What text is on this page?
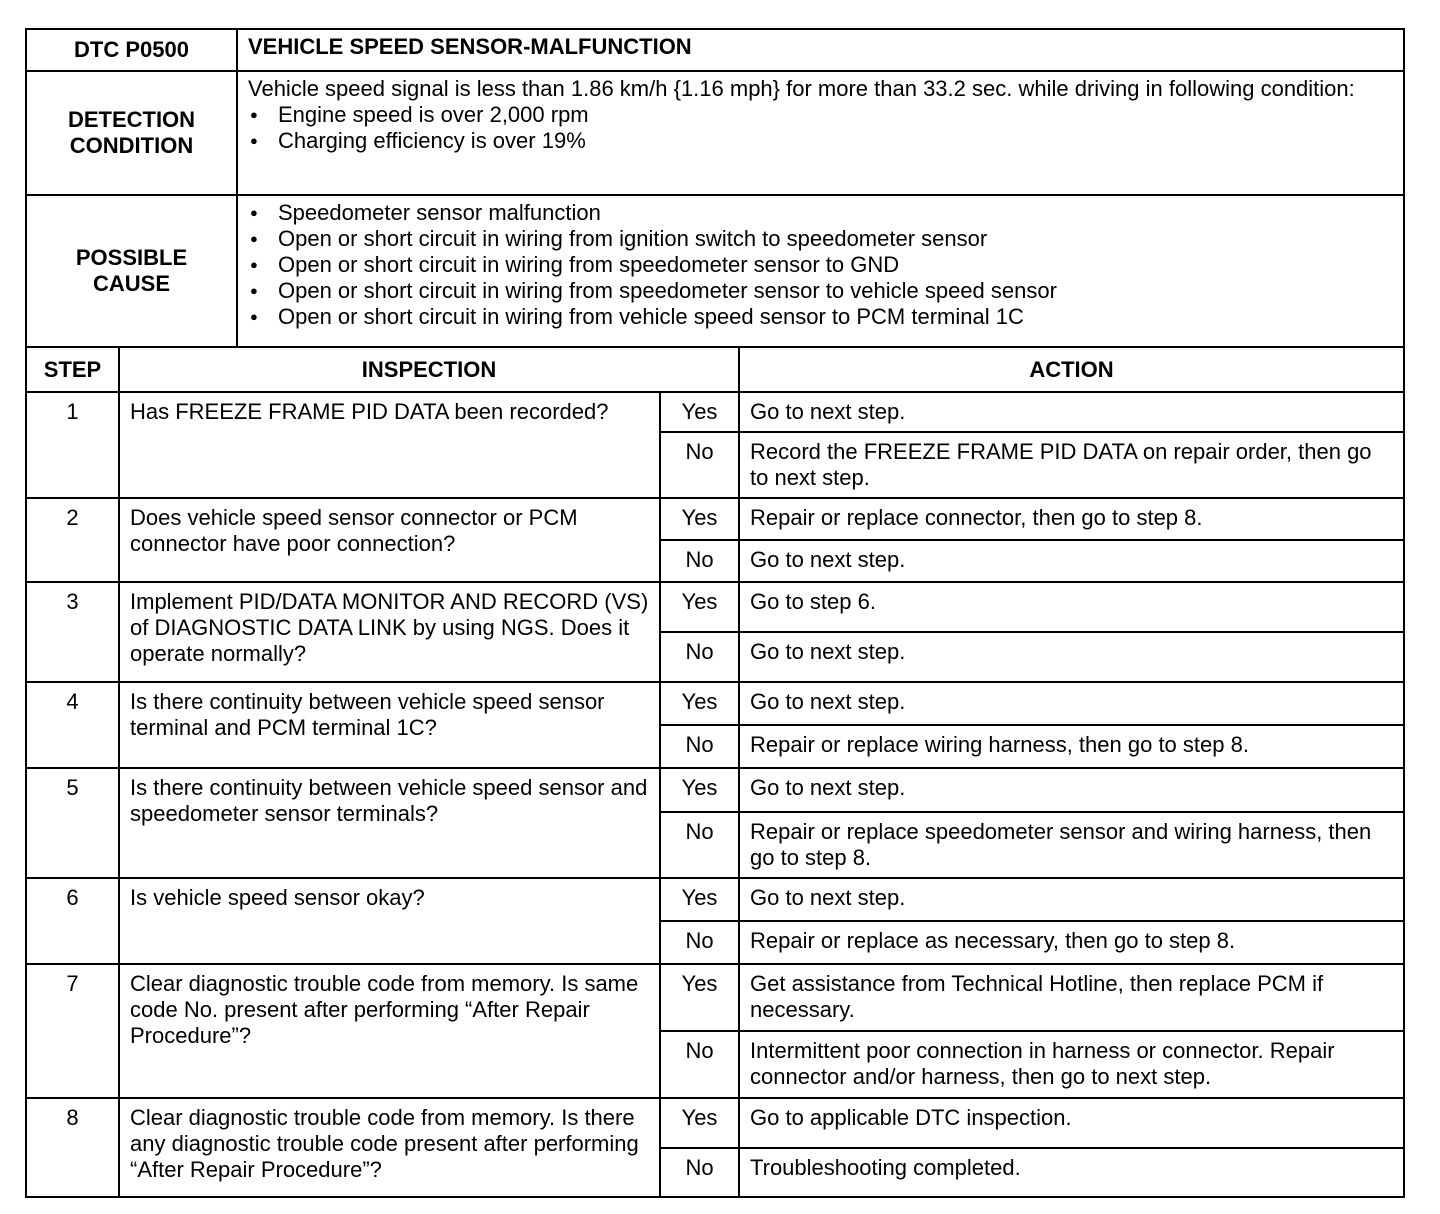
DTC P0500	VEHICLE SPEED SENSOR-MALFUNCTION
DETECTION CONDITION
Vehicle speed signal is less than 1.86 km/h {1.16 mph} for more than 33.2 sec. while driving in following condition:
● Engine speed is over 2,000 rpm
● Charging efficiency is over 19%
POSSIBLE CAUSE
● Speedometer sensor malfunction
● Open or short circuit in wiring from ignition switch to speedometer sensor
● Open or short circuit in wiring from speedometer sensor to GND
● Open or short circuit in wiring from speedometer sensor to vehicle speed sensor
● Open or short circuit in wiring from vehicle speed sensor to PCM terminal 1C
STEP	INSPECTION	ACTION
1	Has FREEZE FRAME PID DATA been recorded?	Yes	Go to next step.
No	Record the FREEZE FRAME PID DATA on repair order, then go to next step.
2	Does vehicle speed sensor connector or PCM connector have poor connection?
Yes	Repair or replace connector, then go to step 8.
No	Go to next step.
3	Implement PID/DATA MONITOR AND RECORD (VS) of DIAGNOSTIC DATA LINK by using NGS. Does it operate normally?
Yes	Go to step 6.
No	Go to next step.
4	Is there continuity between vehicle speed sensor terminal and PCM terminal 1C?
Yes	Go to next step.
No	Repair or replace wiring harness, then go to step 8.
5	Is there continuity between vehicle speed sensor and speedometer sensor terminals?
Yes	Go to next step.
No	Repair or replace speedometer sensor and wiring harness, then go to step 8.
6	Is vehicle speed sensor okay?	Yes	Go to next step.
No	Repair or replace as necessary, then go to step 8.
7	Clear diagnostic trouble code from memory. Is same code No. present after performing “After Repair Procedure”?
Yes	Get assistance from Technical Hotline, then replace PCM if necessary.
No	Intermittent poor connection in harness or connector. Repair connector and/or harness, then go to next step.
8	Clear diagnostic trouble code from memory. Is there any diagnostic trouble code present after performing “After Repair Procedure”?
Yes	Go to applicable DTC inspection.
No	Troubleshooting completed.
